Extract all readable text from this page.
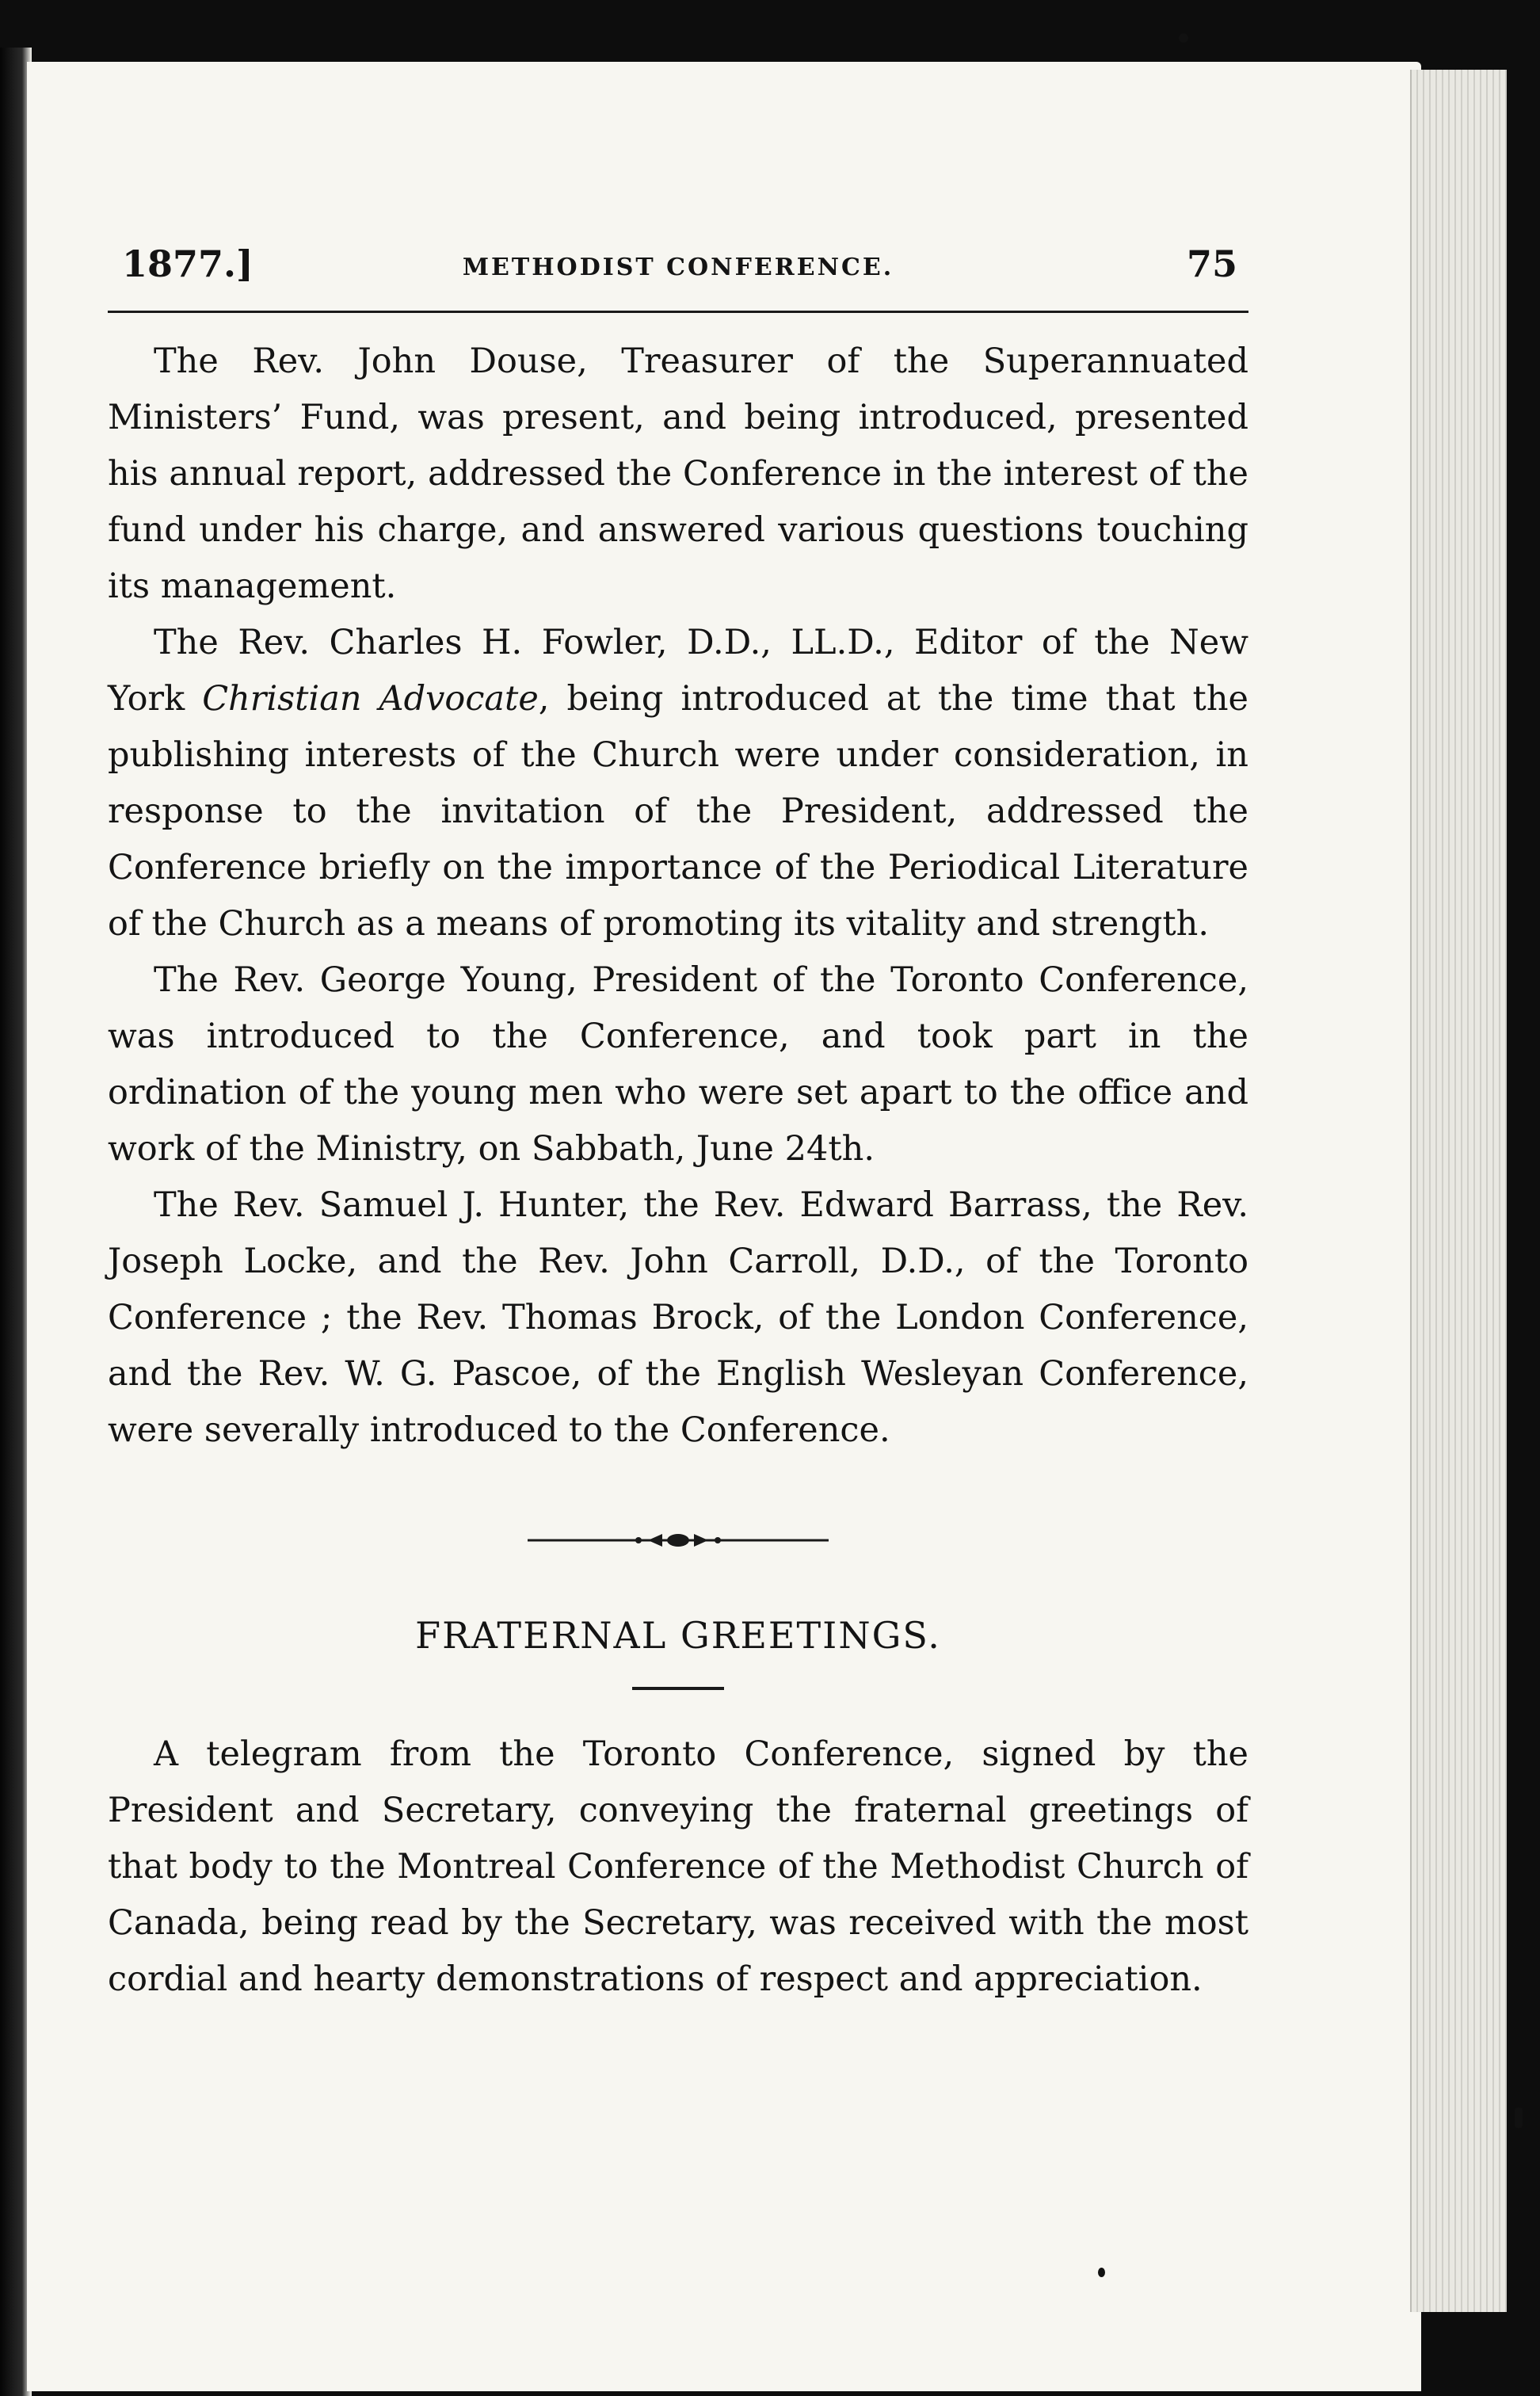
1877.]	METHODIST CONFERENCE.	75

The Rev. John Douse, Treasurer of the Superannuated Ministers’ Fund, was present, and being introduced, presented his annual report, addressed the Conference in the interest of the fund under his charge, and answered various questions touching its management.

The Rev. Charles H. Fowler, D.D., LL.D., Editor of the New York Christian Advocate, being introduced at the time that the publishing interests of the Church were under consideration, in response to the invitation of the President, addressed the Conference briefly on the importance of the Periodical Literature of the Church as a means of promoting its vitality and strength.

The Rev. George Young, President of the Toronto Conference, was introduced to the Conference, and took part in the ordination of the young men who were set apart to the office and work of the Ministry, on Sabbath, June 24th.

The Rev. Samuel J. Hunter, the Rev. Edward Barrass, the Rev. Joseph Locke, and the Rev. John Carroll, D.D., of the Toronto Conference ; the Rev. Thomas Brock, of the London Conference, and the Rev. W. G. Pascoe, of the English Wesleyan Conference, were severally introduced to the Conference.

FRATERNAL GREETINGS.

A telegram from the Toronto Conference, signed by the President and Secretary, conveying the fraternal greetings of that body to the Montreal Conference of the Methodist Church of Canada, being read by the Secretary, was received with the most cordial and hearty demonstrations of respect and appreciation.
